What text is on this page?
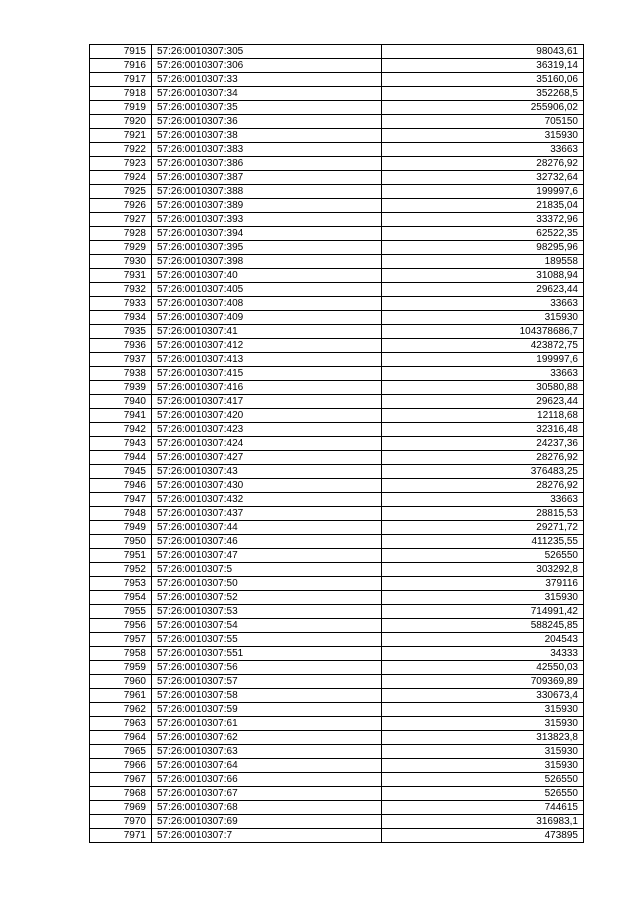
7915	57:26:0010307:305	98043,61
7916	57:26:0010307:306	36319,14
7917	57:26:0010307:33	35160,06
7918	57:26:0010307:34	352268,5
7919	57:26:0010307:35	255906,02
7920	57:26:0010307:36	705150
7921	57:26:0010307:38	315930
7922	57:26:0010307:383	33663
7923	57:26:0010307:386	28276,92
7924	57:26:0010307:387	32732,64
7925	57:26:0010307:388	199997,6
7926	57:26:0010307:389	21835,04
7927	57:26:0010307:393	33372,96
7928	57:26:0010307:394	62522,35
7929	57:26:0010307:395	98295,96
7930	57:26:0010307:398	189558
7931	57:26:0010307:40	31088,94
7932	57:26:0010307:405	29623,44
7933	57:26:0010307:408	33663
7934	57:26:0010307:409	315930
7935	57:26:0010307:41	104378686,7
7936	57:26:0010307:412	423872,75
7937	57:26:0010307:413	199997,6
7938	57:26:0010307:415	33663
7939	57:26:0010307:416	30580,88
7940	57:26:0010307:417	29623,44
7941	57:26:0010307:420	12118,68
7942	57:26:0010307:423	32316,48
7943	57:26:0010307:424	24237,36
7944	57:26:0010307:427	28276,92
7945	57:26:0010307:43	376483,25
7946	57:26:0010307:430	28276,92
7947	57:26:0010307:432	33663
7948	57:26:0010307:437	28815,53
7949	57:26:0010307:44	29271,72
7950	57:26:0010307:46	411235,55
7951	57:26:0010307:47	526550
7952	57:26:0010307:5	303292,8
7953	57:26:0010307:50	379116
7954	57:26:0010307:52	315930
7955	57:26:0010307:53	714991,42
7956	57:26:0010307:54	588245,85
7957	57:26:0010307:55	204543
7958	57:26:0010307:551	34333
7959	57:26:0010307:56	42550,03
7960	57:26:0010307:57	709369,89
7961	57:26:0010307:58	330673,4
7962	57:26:0010307:59	315930
7963	57:26:0010307:61	315930
7964	57:26:0010307:62	313823,8
7965	57:26:0010307:63	315930
7966	57:26:0010307:64	315930
7967	57:26:0010307:66	526550
7968	57:26:0010307:67	526550
7969	57:26:0010307:68	744615
7970	57:26:0010307:69	316983,1
7971	57:26:0010307:7	473895
